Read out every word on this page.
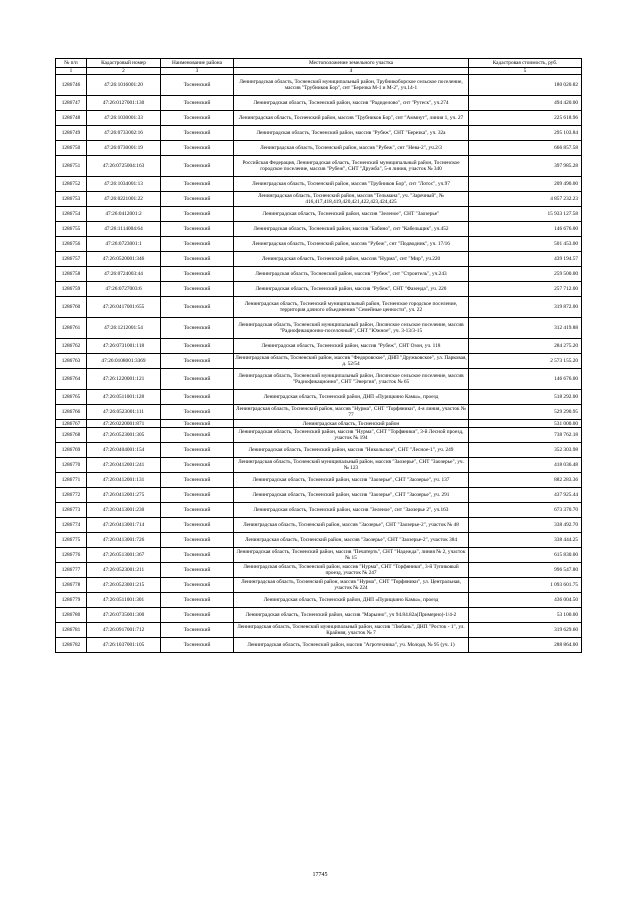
№ п/п	Кадастровый номер	Наименование района	Местоположение земельного участка	Кадастровая стоимость, руб.
1	2	3	4	5
1286746	47:26:1016001:20	Тосненский	Ленинградская область, Тосненский муниципальный район, Трубникоборское сельское поселение, массив "Трубников Бор", снт "Березка М-1 и М-2", уч.14-1	180 020.82
1286747	47:26:0127001:130	Тосненский	Ленинградская область, Тосненский район, массив "Радиделово", снт "Рутеск", уч.274	494 420.00
1286748	47:26:1030001:33	Тосненский	Ленинградская область, Тосненский район, массив "Трубников Бор", снт "Аммиут", линия 1, уч. 27	225 618.96
1286749	47:26:0733002:16	Тосненский	Ленинградская область, Тосненский район, массив "Рубеж", СНТ "Березка", уч. 32а	295 103.84
1286750	47:26:0730001:19	Тосненский	Ленинградская область, Тосненский район, массив "Рубеж", снт "Нева-2", уч.2/3	666 857.58
1286751	47:26:0725004:163	Тосненский	Российская Федерация, Ленинградская область, Тосненский муниципальный район, Тосненское городское поселение, массив "Рубеж", СНТ "Дружба", 5-я линия, участок № 340	397 985.28
1286752	47:26:1034001:13	Тосненский	Ленинградская область, Тосненский район, массив "Трубников Бор", снт "Лотос", уч.97	209 490.00
1286753	47:26:0221001:22	Тосненский	Ленинградская область, Тосненский район, массив "Тельмана", уч. "Заречный", № 416,417,418,419,420,421,422,423,424,425	4 857 232.23
1286754	47:26:0412001:2	Тосненский	Ленинградская область, Тосненский район, массив "Зеленое", СНТ "Заозерье"	15 933 127.58
1286755	47:26:1114004:64	Тосненский	Ленинградская область, Тосненский район, массив "Бабино", снт "Кабельщик", уч.452	146 676.00
1286756	47:26:0723001:1	Тосненский	Ленинградская область, Тосненский район, массив "Рубеж", снт "Подводник", уч. 17/16	501 453.00
1286757	47:26:0520001:346	Тосненский	Ленинградская область, Тосненский район, массив "Нурма", снт "Мир", уч.220	439 194.57
1286758	47:26:0724003:44	Тосненский	Ленинградская область, Тосненский район, массив "Рубеж", снт "Строитель", уч.243	259 500.00
1286759	47:26:0727003:6	Тосненский	Ленинградская область, Тосненский район, массив "Рубеж", СНТ "Фазенда", уч. 220	257 712.00
1286760	47:26:0417001:655	Тосненский	Ленинградская область, Тосненский муниципальный район, Тосненское городское поселение, территория дачного объединения "Семейные ценности", уч. 22	319 872.00
1286761	47:26:1212001:54	Тосненский	Ленинградская область, Тосненский муниципальный район, Лисинское сельское поселение, массив "Радиофикационно-поселочный", СНТ "Южное", уч. 3-13/3-15	312 419.88
1286762	47:26:0731001:118	Тосненский	Ленинградская область, Тосненский район, массив "Рубеж", СНТ Озон, уч. 118	284 275.20
1286763	47:26:0108001:3369	Тосненский	Ленинградская область, Тосненский район, массив "Федоровское", ДНП "Дружковское", ул. Парковая, д. 52/54	2 573 155.20
1286764	47:26:1220001:121	Тосненский	Ленинградская область, Тосненский муниципальный район, Лисинское сельское поселение, массив "Радиофикационно", СНТ "Энергия", участок № 65	146 676.00
1286765	47:26:0511001:128	Тосненский	Ленинградская область, Тосненский район, ДНП «Пурицкино Камы», проезд	518 292.00
1286766	47:26:0523001:111	Тосненский	Ленинградская область, Тосненский район, массив "Нурма", СНТ "Торфяники", 4-я линия, участок № 77	529 290.95
1286767	47:26:0220001:871	Тосненский	Ленинградская область, Тосненский район	531 000.00
1286768	47:26:0523001:305	Тосненский	Ленинградская область, Тосненский район, массив "Нурма", СНТ "Торфяники", 3-й Лесной проезд, участок № 194	738 762.18
1286769	47:26:0404001:154	Тосненский	Ленинградская область, Тосненский район, массив "Никольское", СНТ "Лесное-1", уч. 249	352 303.98
1286770	47:26:0412001:241	Тосненский	Ленинградская область, Тосненский муниципальный район, массив "Заозерье", СНТ "Заозерье", уч. № 123	418 036.48
1286771	47:26:0412001:131	Тосненский	Ленинградская область, Тосненский район, массив "Заозерье", СНТ "Заозерье", уч. 137	882 283.36
1286772	47:26:0412001:275	Тосненский	Ленинградская область, Тосненский район, массив "Заозерье", СНТ "Заозерье", уч. 291	437 925.44
1286773	47:26:0413001:230	Тосненский	Ленинградская область, Тосненский район, массив "Зеленое", снт "Заозерье 2", уч.163	673 370.70
1286774	47:26:0413001:714	Тосненский	Ленинградская область, Тосненский район, массив "Заозерье", СНТ "Заозерье-2", участок № 48	338 492.70
1286775	47:26:0413001:726	Тосненский	Ленинградская область, Тосненский район, массив "Заозерье", СНТ "Заозерье-2", участок 384	338 444.25
1286776	47:26:0513001:367	Тосненский	Ленинградская область, Тосненский район, массив "Печатерть", СНТ "Надежда", линия № 2, участок № 15	615 830.00
1286777	47:26:0523001:211	Тосненский	Ленинградская область, Тосненский район, массив "Нурма", СНТ "Торфяники", 3-й Тупиковый проезд, участок № 247	996 547.80
1286778	47:26:0523001:215	Тосненский	Ленинградская область, Тосненский район, массив "Нурма", СНТ "Торфяники", ул. Центральная, участок № 224	1 093 601.75
1286779	47:26:0511001:301	Тосненский	Ленинградская область, Тосненский район, ДНП «Пурицкино Камы», проезд	436 004.50
1286780	47:26:0735001:300	Тосненский	Ленинградская область, Тосненский район, массив "Марьино", уч 94.84.82а(Примерно)-1/4-2	53 100.00
1286781	47:26:0917001:712	Тосненский	Ленинградская область, Тосненский муниципальный район, массив "Любань", ДНП "Росток - 1", ул. Крайняя, участок № 7	319 629.60
1286782	47:26:1037001:105	Тосненский	Ленинградская область, Тосненский район, массив "Агротехника", уч. Молодя, № 95 (уч. 1)	288 864.00
17745
